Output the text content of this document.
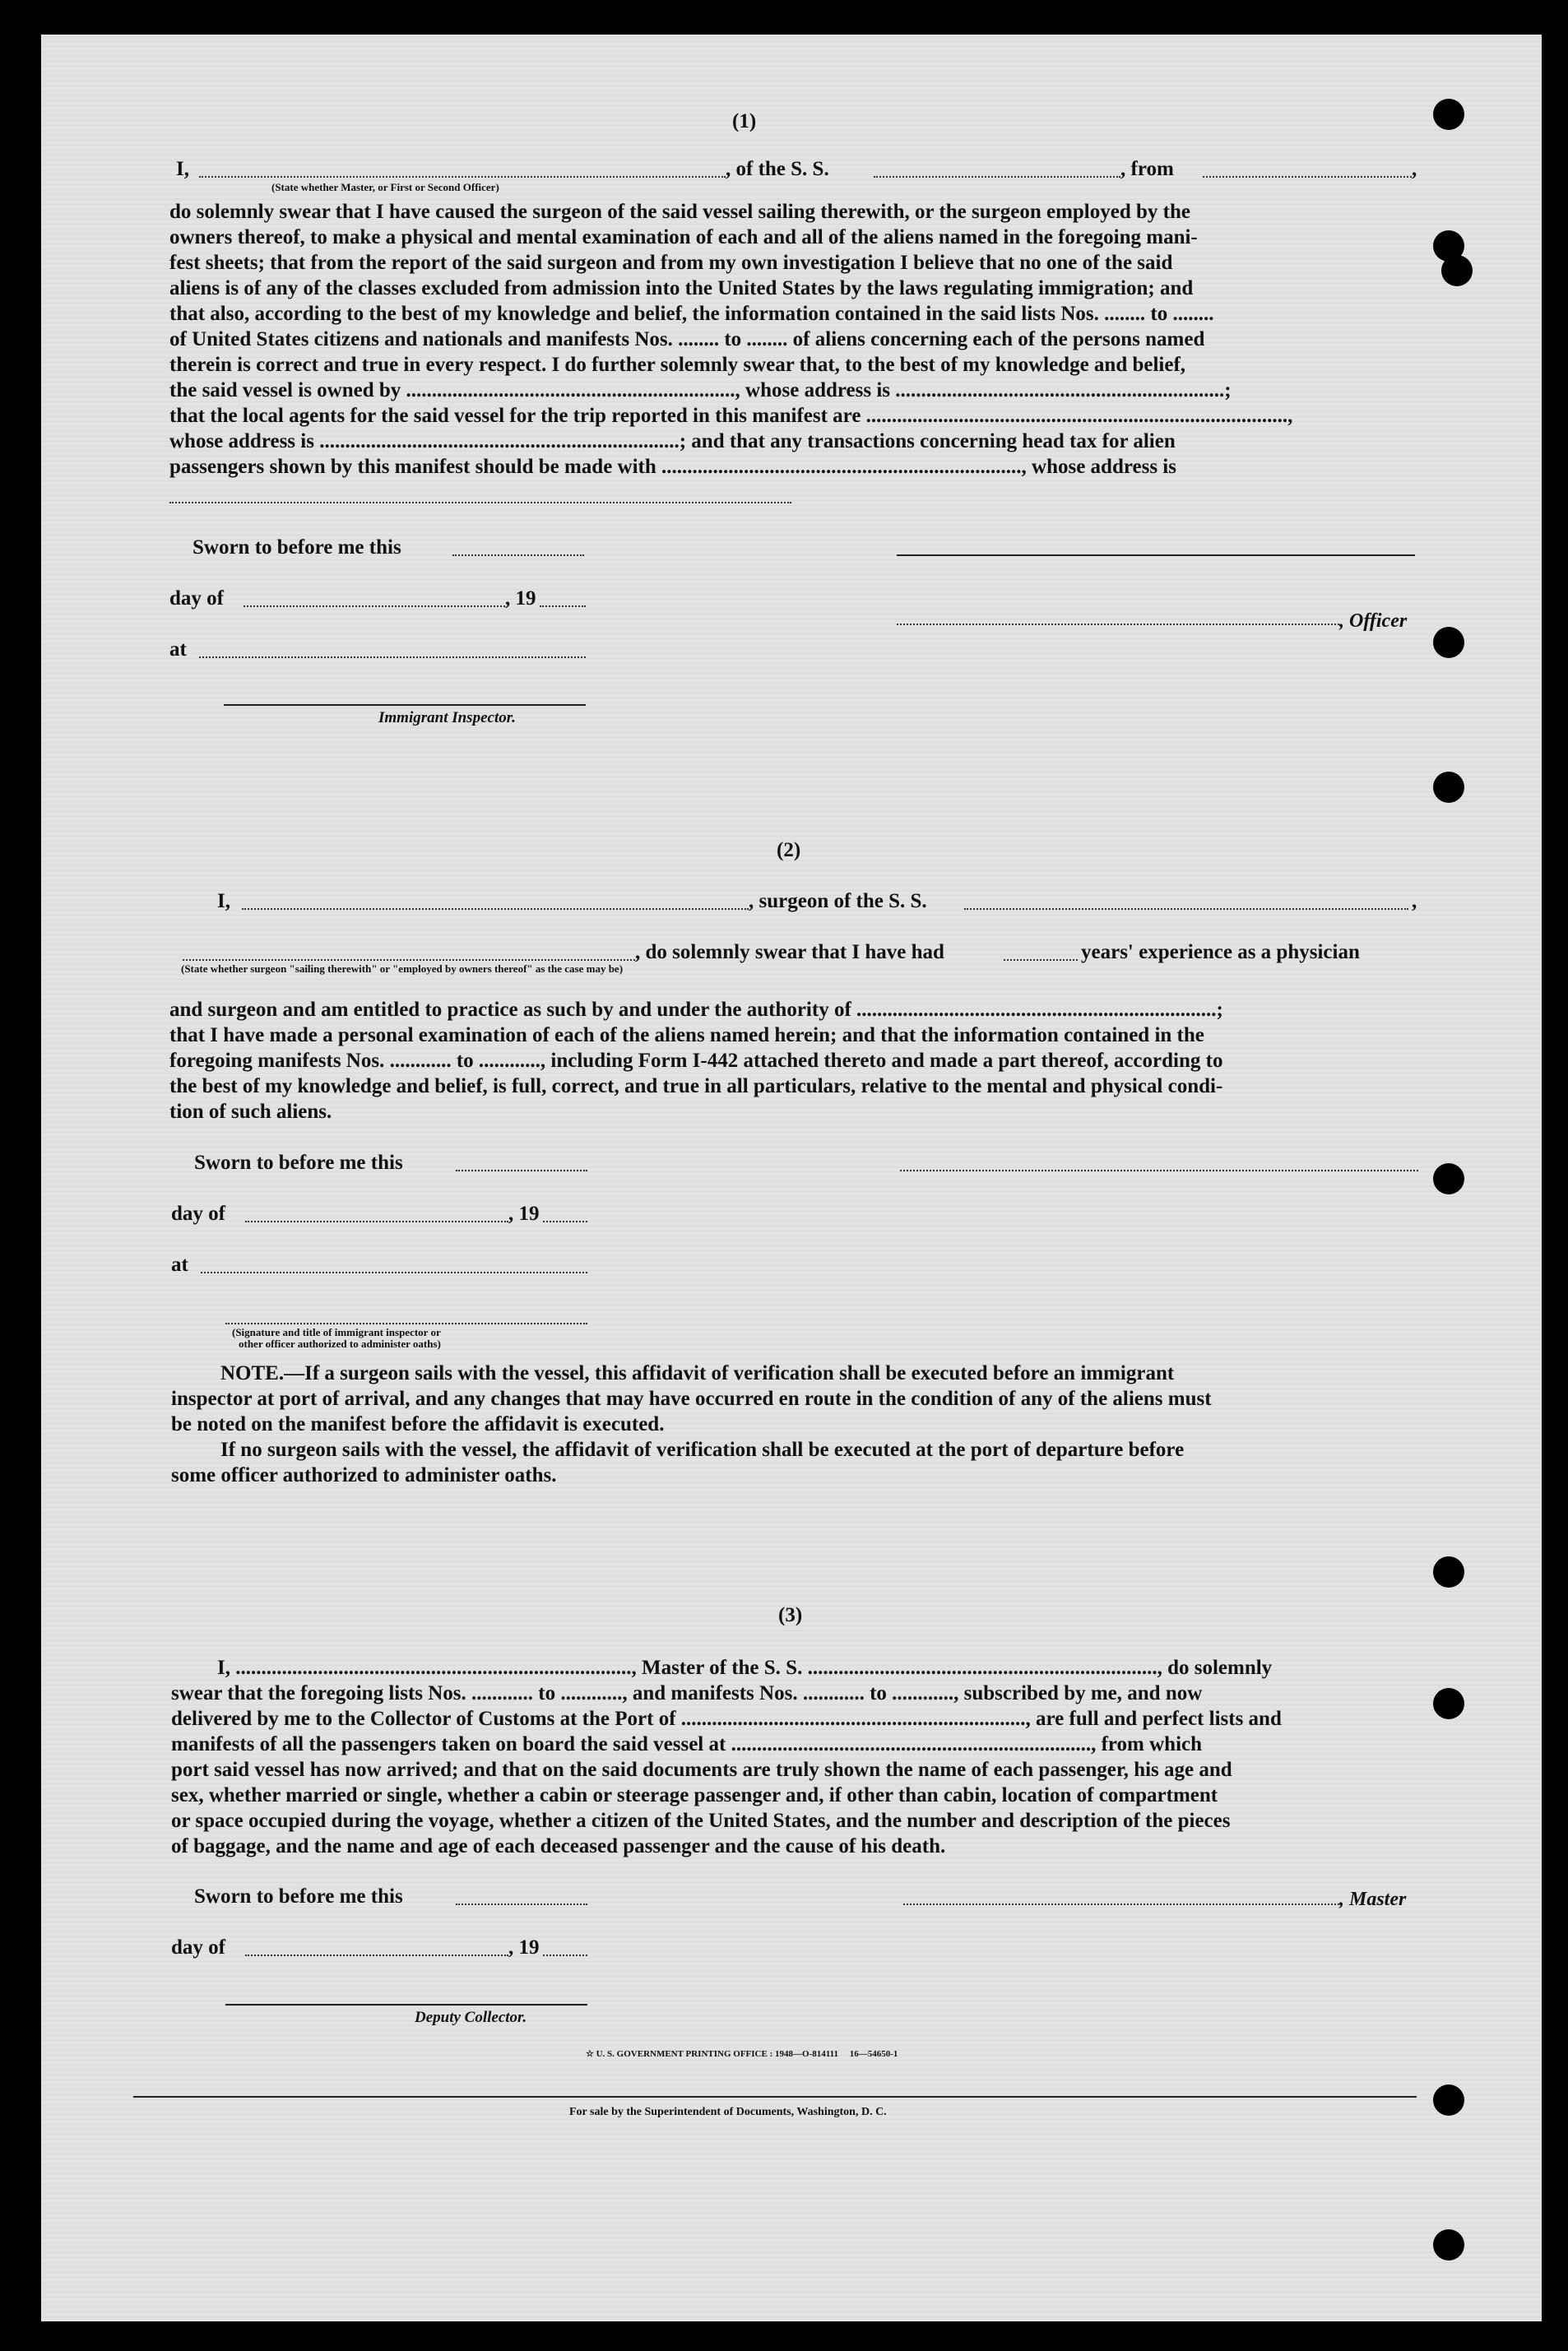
(1)
I,	, of the S. S.	, from	,
(State whether Master, or First or Second Officer)

do solemnly swear that I have caused the surgeon of the said vessel sailing therewith, or the surgeon employed by the

owners thereof, to make a physical and mental examination of each and all of the aliens named in the foregoing mani-

fest sheets; that from the report of the said surgeon and from my own investigation I believe that no one of the said

aliens is of any of the classes excluded from admission into the United States by the laws regulating immigration; and

that also, according to the best of my knowledge and belief, the information contained in the said lists Nos. ........ to ........

of United States citizens and nationals and manifests Nos. ........ to ........ of aliens concerning each of the persons named

therein is correct and true in every respect. I do further solemnly swear that, to the best of my knowledge and belief,

the said vessel is owned by ................................................................, whose address is ................................................................;

that the local agents for the said vessel for the trip reported in this manifest are ..................................................................................,

whose address is ......................................................................; and that any transactions concerning head tax for alien

passengers shown by this manifest should be made with ......................................................................, whose address is

Sworn to before me this
day of	, 19
, Officer
at
Immigrant Inspector.
(2)
I,	, surgeon of the S. S.	,
, do solemnly swear that I have had	years' experience as a physician
(State whether surgeon "sailing therewith" or "employed by owners thereof" as the case may be)

and surgeon and am entitled to practice as such by and under the authority of ......................................................................;

that I have made a personal examination of each of the aliens named herein; and that the information contained in the

foregoing manifests Nos. ............ to ............, including Form I-442 attached thereto and made a part thereof, according to

the best of my knowledge and belief, is full, correct, and true in all particulars, relative to the mental and physical condi-

tion of such aliens.

Sworn to before me this
day of	, 19
at
(Signature and title of immigrant inspector or
other officer authorized to administer oaths)

NOTE.—If a surgeon sails with the vessel, this affidavit of verification shall be executed before an immigrant

inspector at port of arrival, and any changes that may have occurred en route in the condition of any of the aliens must

be noted on the manifest before the affidavit is executed.

If no surgeon sails with the vessel, the affidavit of verification shall be executed at the port of departure before

some officer authorized to administer oaths.

(3)

I, ............................................................................., Master of the S. S. ...................................................................., do solemnly

swear that the foregoing lists Nos. ............ to ............, and manifests Nos. ............ to ............, subscribed by me, and now

delivered by me to the Collector of Customs at the Port of ..................................................................., are full and perfect lists and

manifests of all the passengers taken on board the said vessel at ......................................................................, from which

port said vessel has now arrived; and that on the said documents are truly shown the name of each passenger, his age and

sex, whether married or single, whether a cabin or steerage passenger and, if other than cabin, location of compartment

or space occupied during the voyage, whether a citizen of the United States, and the number and description of the pieces

of baggage, and the name and age of each deceased passenger and the cause of his death.

Sworn to before me this	, Master
day of	, 19
Deputy Collector.
☆ U. S. GOVERNMENT PRINTING OFFICE : 1948—O-814111     16—54650-1
For sale by the Superintendent of Documents, Washington, D. C.
